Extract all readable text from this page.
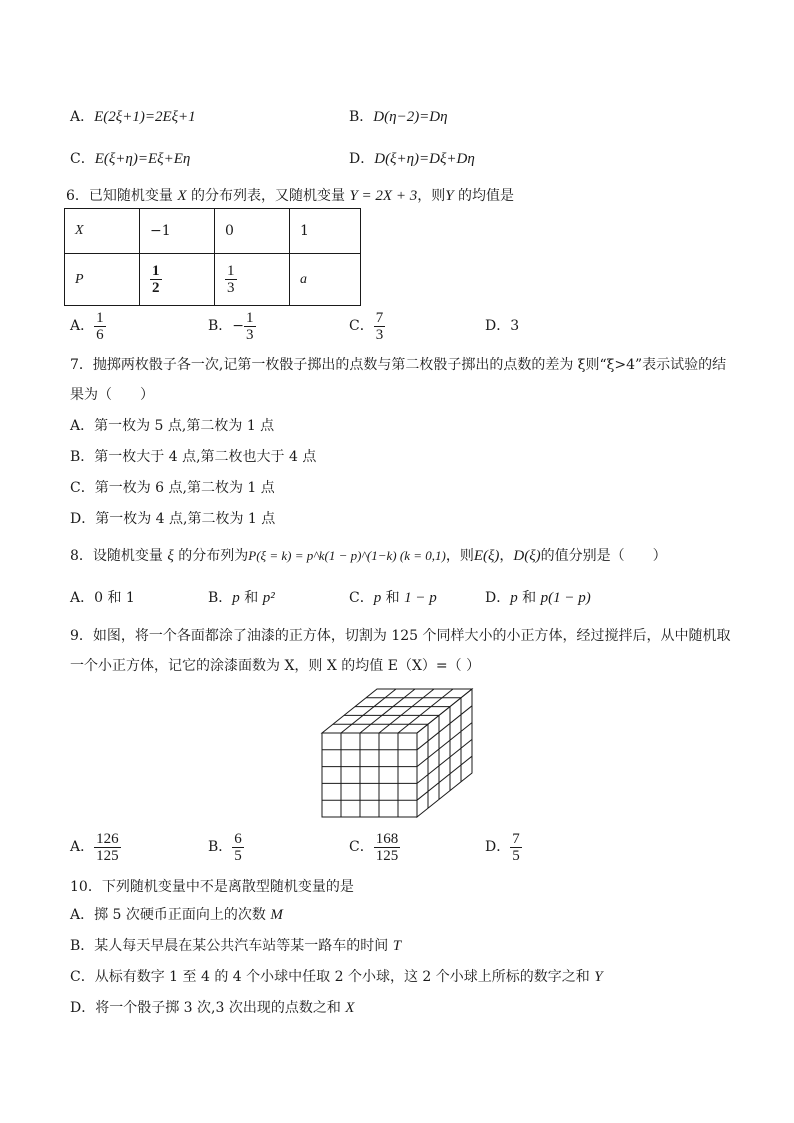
A．E(2ξ+1)=2Eξ+1	B．D(η−2)=Dη
C．E(ξ+η)=Eξ+Eη	D．D(ξ+η)=Dξ+Dη
6．已知随机变量 X 的分布列表，又随机变量 Y = 2X + 3，则Y 的均值是
X	−1	0	1
P	$\frac{1}{2}$	$\frac{1}{3}$	a
A． $\frac{1}{6}$	B．− $\frac{1}{3}$	C． $\frac{7}{3}$	D．3
7．抛掷两枚骰子各一次,记第一枚骰子掷出的点数与第二枚骰子掷出的点数的差为 ξ则“ξ>4”表示试验的结
果为（　　）
A．第一枚为 5 点,第二枚为 1 点
B．第一枚大于 4 点,第二枚也大于 4 点
C．第一枚为 6 点,第二枚为 1 点
D．第一枚为 4 点,第二枚为 1 点
8．设随机变量 ξ 的分布列为P(ξ = k) = p^k(1 − p)^(1−k) (k = 0,1)，则E(ξ)，D(ξ)的值分别是（　　）
A．0 和 1	B．p 和 p²	C．p 和 1 − p	D．p 和 p(1 − p)
9．如图，将一个各面都涂了油漆的正方体，切割为 125 个同样大小的小正方体，经过搅拌后，从中随机取
一个小正方体，记它的涂漆面数为 X，则 X 的均值 E（X）=（ ）
A． $\frac{126}{125}$	B． $\frac{6}{5}$	C． $\frac{168}{125}$	D． $\frac{7}{5}$
10．下列随机变量中不是离散型随机变量的是
A．掷 5 次硬币正面向上的次数 M
B．某人每天早晨在某公共汽车站等某一路车的时间 T
C．从标有数字 1 至 4 的 4 个小球中任取 2 个小球，这 2 个小球上所标的数字之和 Y
D．将一个骰子掷 3 次,3 次出现的点数之和 X
